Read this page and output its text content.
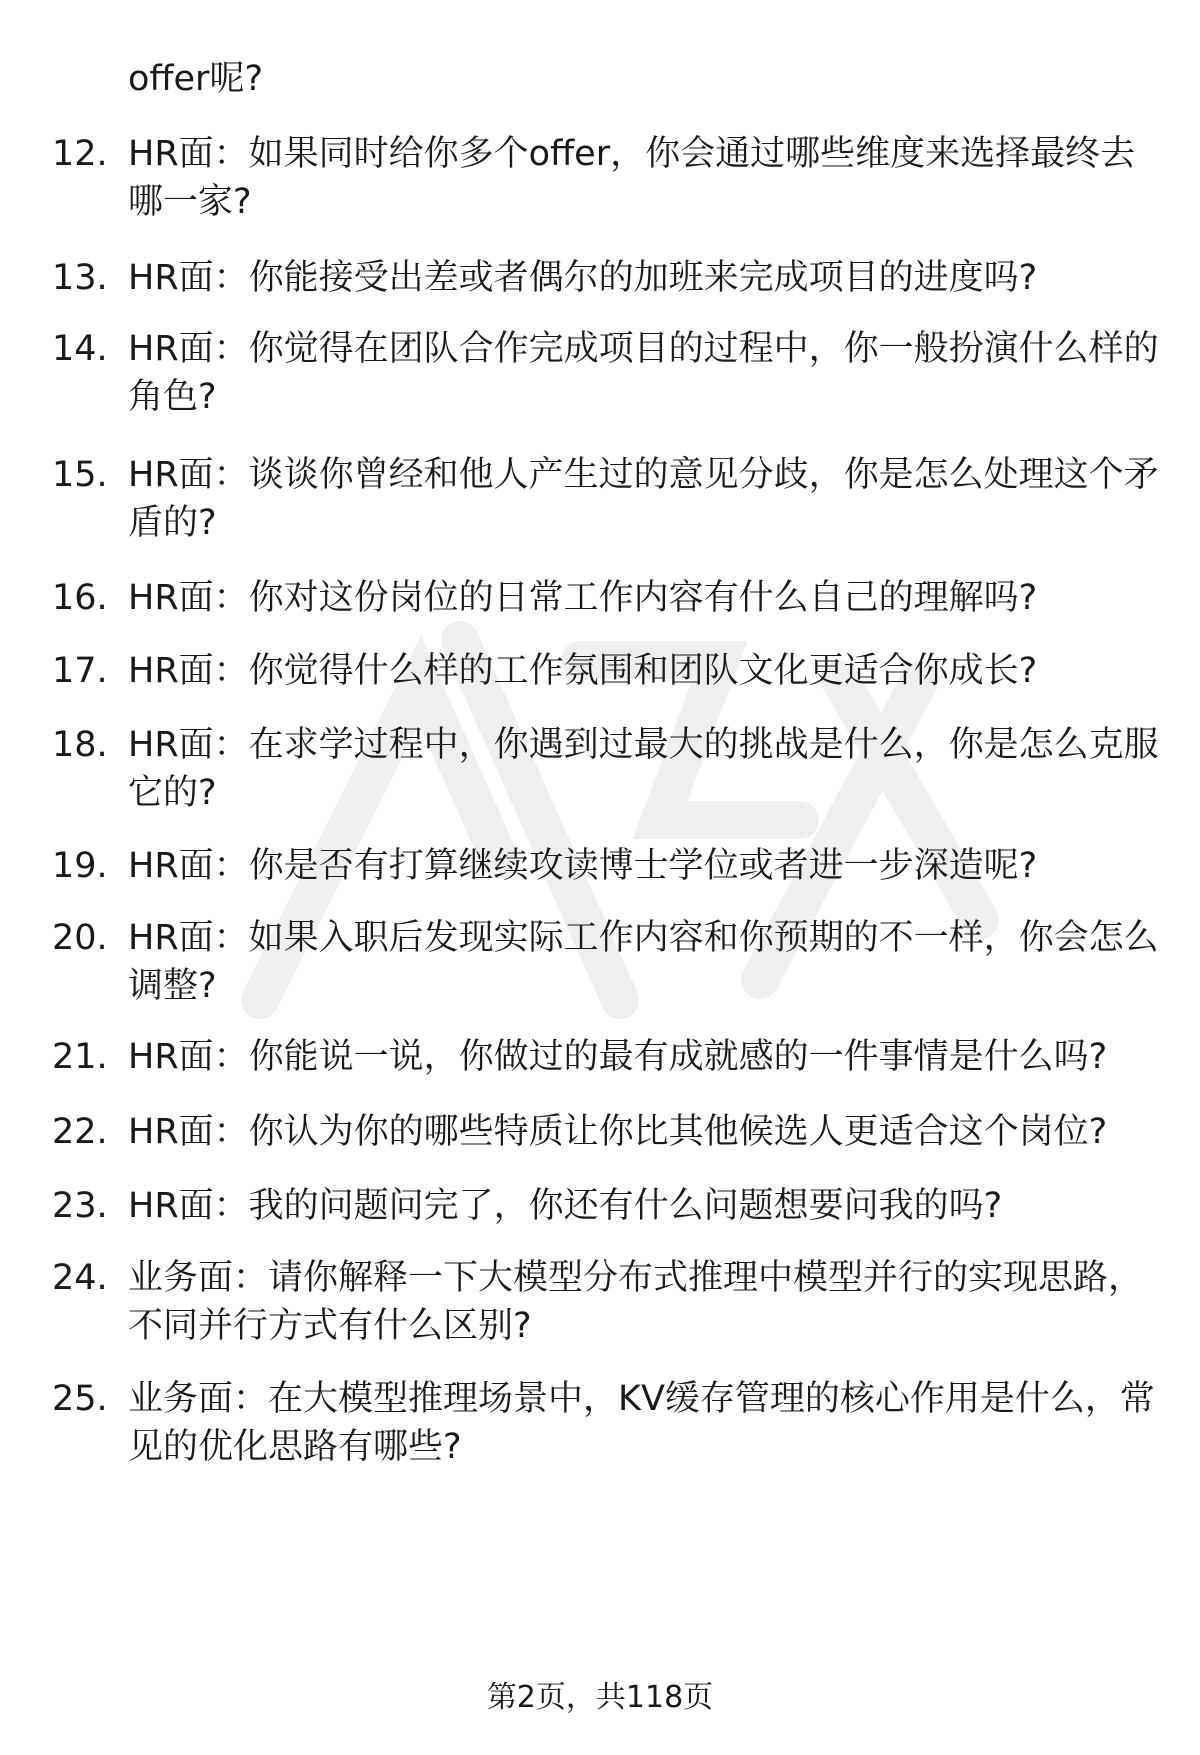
offer呢?
12. HR面：如果同时给你多个offer，你会通过哪些维度来选择最终去哪一家?
13. HR面：你能接受出差或者偶尔的加班来完成项目的进度吗?
14. HR面：你觉得在团队合作完成项目的过程中，你一般扮演什么样的角色?
15. HR面：谈谈你曾经和他人产生过的意见分歧，你是怎么处理这个矛盾的?
16. HR面：你对这份岗位的日常工作内容有什么自己的理解吗?
17. HR面：你觉得什么样的工作氛围和团队文化更适合你成长?
18. HR面：在求学过程中，你遇到过最大的挑战是什么，你是怎么克服它的?
19. HR面：你是否有打算继续攻读博士学位或者进一步深造呢?
20. HR面：如果入职后发现实际工作内容和你预期的不一样，你会怎么调整?
21. HR面：你能说一说，你做过的最有成就感的一件事情是什么吗?
22. HR面：你认为你的哪些特质让你比其他候选人更适合这个岗位?
23. HR面：我的问题问完了，你还有什么问题想要问我的吗?
24. 业务面：请你解释一下大模型分布式推理中模型并行的实现思路，不同并行方式有什么区别?
25. 业务面：在大模型推理场景中，KV缓存管理的核心作用是什么，常见的优化思路有哪些?
第2页，共118页
